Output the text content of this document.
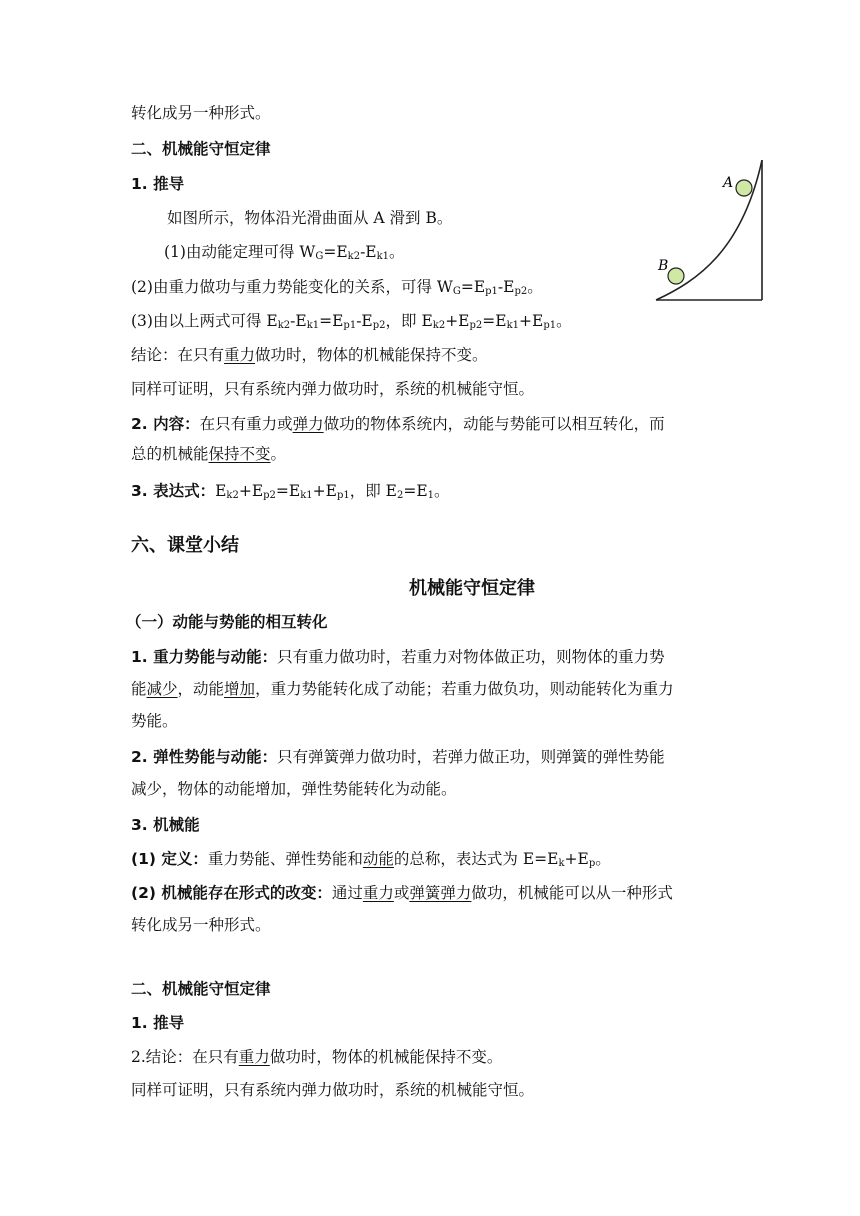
转化成另一种形式。
二、机械能守恒定律
1. 推导
如图所示，物体沿光滑曲面从 A 滑到 B。
(1)由动能定理可得 $W_G=E_{k2}-E_{k1}$。
(2)由重力做功与重力势能变化的关系，可得 $W_G=E_{p1}-E_{p2}$。
(3)由以上两式可得 $E_{k2}-E_{k1}=E_{p1}-E_{p2}$，即 $E_{k2}+E_{p2}=E_{k1}+E_{p1}$。
结论：在只有重力做功时，物体的机械能保持不变。
同样可证明，只有系统内弹力做功时，系统的机械能守恒。
2. 内容：在只有重力或弹力做功的物体系统内，动能与势能可以相互转化，而
总的机械能保持不变。
3. 表达式：$E_{k2}+E_{p2}=E_{k1}+E_{p1}$，即 $E_2=E_1$。
A
B
六、课堂小结
机械能守恒定律
（一）动能与势能的相互转化
1. 重力势能与动能：只有重力做功时，若重力对物体做正功，则物体的重力势
能减少，动能增加，重力势能转化成了动能；若重力做负功，则动能转化为重力
势能。
2. 弹性势能与动能：只有弹簧弹力做功时，若弹力做正功，则弹簧的弹性势能
减少，物体的动能增加，弹性势能转化为动能。
3. 机械能
(1) 定义：重力势能、弹性势能和动能的总称，表达式为 $E=E_k+E_p$。
(2) 机械能存在形式的改变：通过重力或弹簧弹力做功，机械能可以从一种形式
转化成另一种形式。
二、机械能守恒定律
1. 推导
2.结论：在只有重力做功时，物体的机械能保持不变。
同样可证明，只有系统内弹力做功时，系统的机械能守恒。
